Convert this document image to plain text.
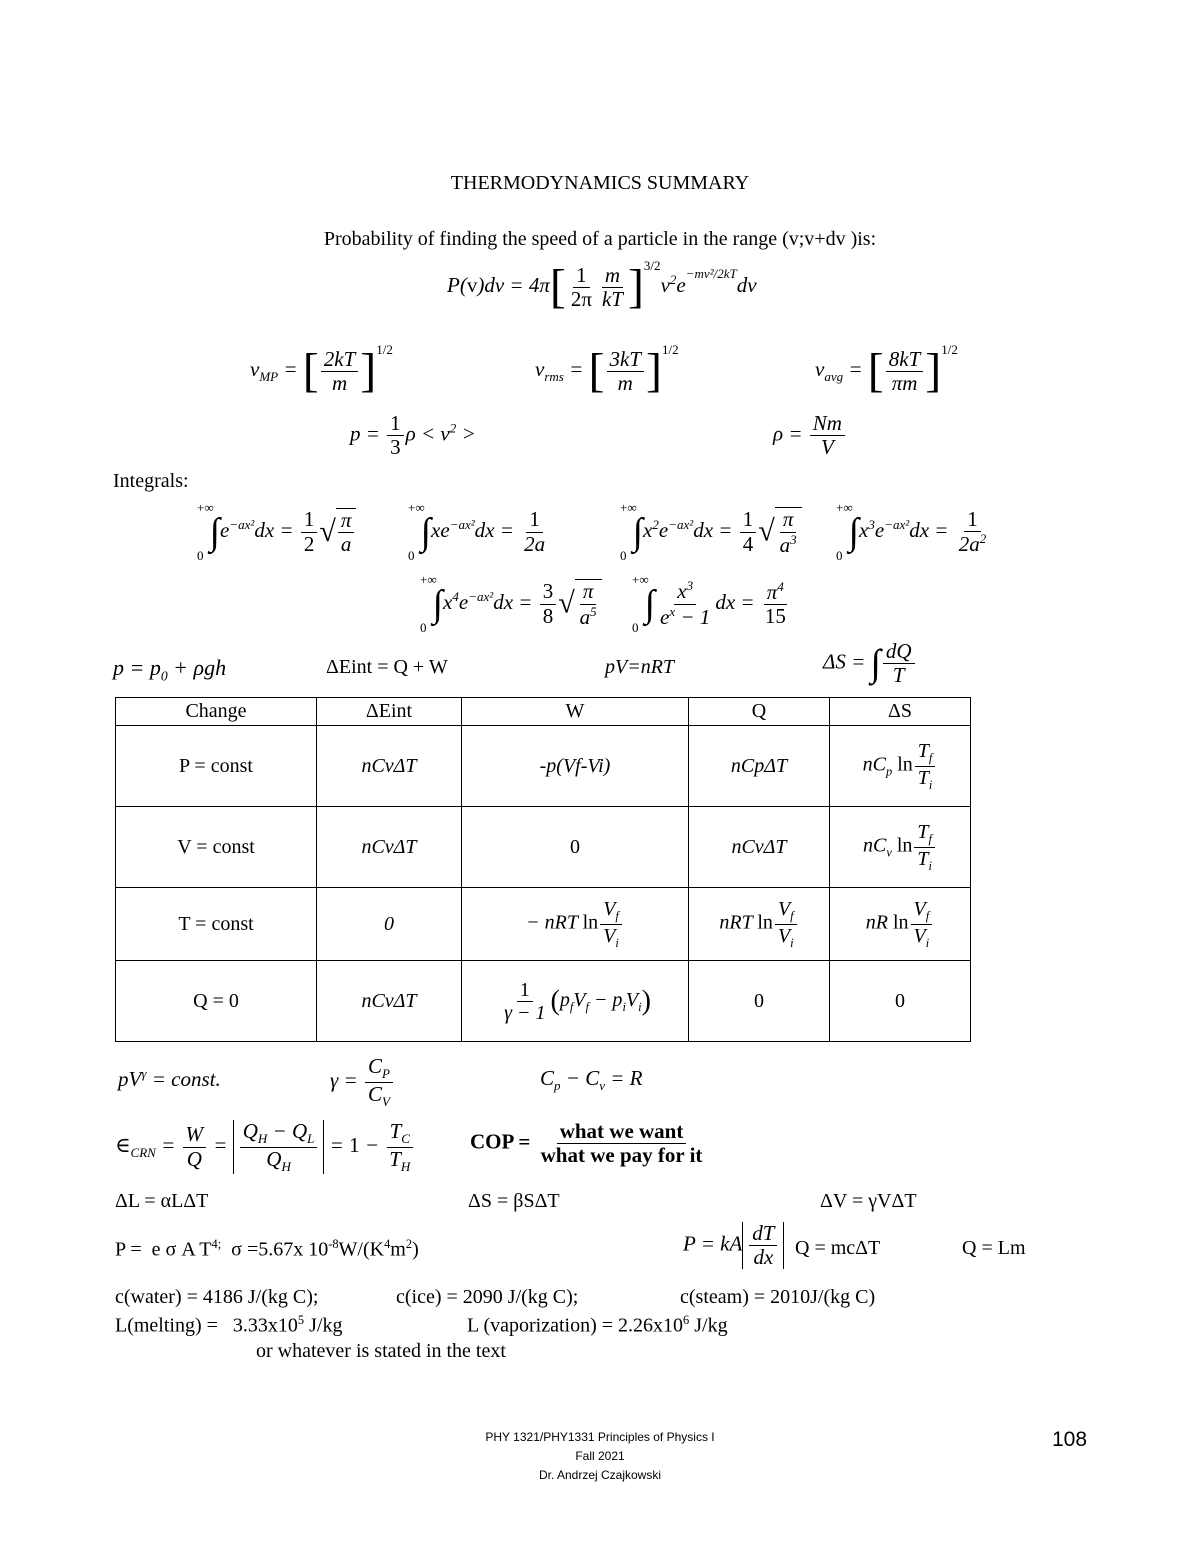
THERMODYNAMICS SUMMARY
Probability of finding the speed of a particle in the range (v;v+dv )is:
$P(v)dv = 4\pi[ \frac{1}{2\pi} \frac{m}{kT} ]^{3/2}v^2e^{-mv^2/2kT}dv$
$v_{MP}$ = [ $\frac{2kT}{m} ]^{1/2}$
$v_{rms}$ = [ $\frac{3kT}{m} ]^{1/2}$
$v_{avg}$ = [ $\frac{8kT}{\pi m} ]^{1/2}$
$p = \frac{1}{3}$ $\rho < v^2$ >	$\rho = \frac{Nm}{V}$
Integrals:
+∞
0
$\int e^{-ax^2}dx = \frac{1}{2}$ √ $\frac{\pi}{a}$
+∞
0
$\int xe^{-ax^2}dx = \frac{1}{2a}$
+∞
0
$\int x^2e^{-ax^2}dx = \frac{1}{4}$ √ $\frac{\pi}{a^3}$
+∞
0
$\int x^3e^{-ax^2}dx = \frac{1}{2a^2}$
+∞
0
$\int x^4e^{-ax^2}dx = \frac{3}{8}$ √ $\frac{\pi}{a^5}$
+∞
0
∫ $\frac{x^3}{e^x - 1}$ dx = $\frac{\pi^4}{15}$
$p = p_0 + \rho gh$	ΔEint = Q + W	pV=nRT	ΔS = ∫ $\frac{dQ}{T}$
Change	ΔEint	W	Q	ΔS
P = const	nCvΔT	-p(Vf-Vi)	nCpΔT	$nC_p$ $\ln \frac{T_f}{T_i}$

V = const	nCvΔT	0	nCvΔT	$nC_v$ $\ln \frac{T_f}{T_i}$

T = const	0	− nRT $\ln \frac{V_f}{V_i}$	nRT $\ln \frac{V_f}{V_i}$	nR $\ln \frac{V_f}{V_i}$

Q = 0	nCvΔT	$\frac{1}{\gamma - 1} (p_fV_f - p_iV_i)$	0	0
$pV^\gamma$ = const.	$\gamma = \frac{C_P}{C_V}$	$C_p - C_v = R$
$\in_{CRN} = \frac{W}{Q} = \frac{Q_H - Q_L}{Q_H} = 1 - \frac{T_C}{T_H}$	COP = $\frac{\text{what we want}}{\text{what we pay for it}}$
ΔL = αLΔT	ΔS = βSΔT	ΔV = γVΔT
P =  e σ A $T^{4;}$  σ =5.67x $10^{-8}W/(K^4m^2)$	P = kA $\frac{dT}{dx}$ Q = mcΔT	Q = Lm
c(water) = 4186 J/(kg C);	c(ice) = 2090 J/(kg C);	c(steam) = 2010J/(kg C)
L(melting) = $3.33x10^5$ J/kg	L (vaporization) = $2.26x10^6$ J/kg
or whatever is stated in the text
PHY 1321/PHY1331 Principles of Physics I
Fall 2021
Dr. Andrzej Czajkowski
108
